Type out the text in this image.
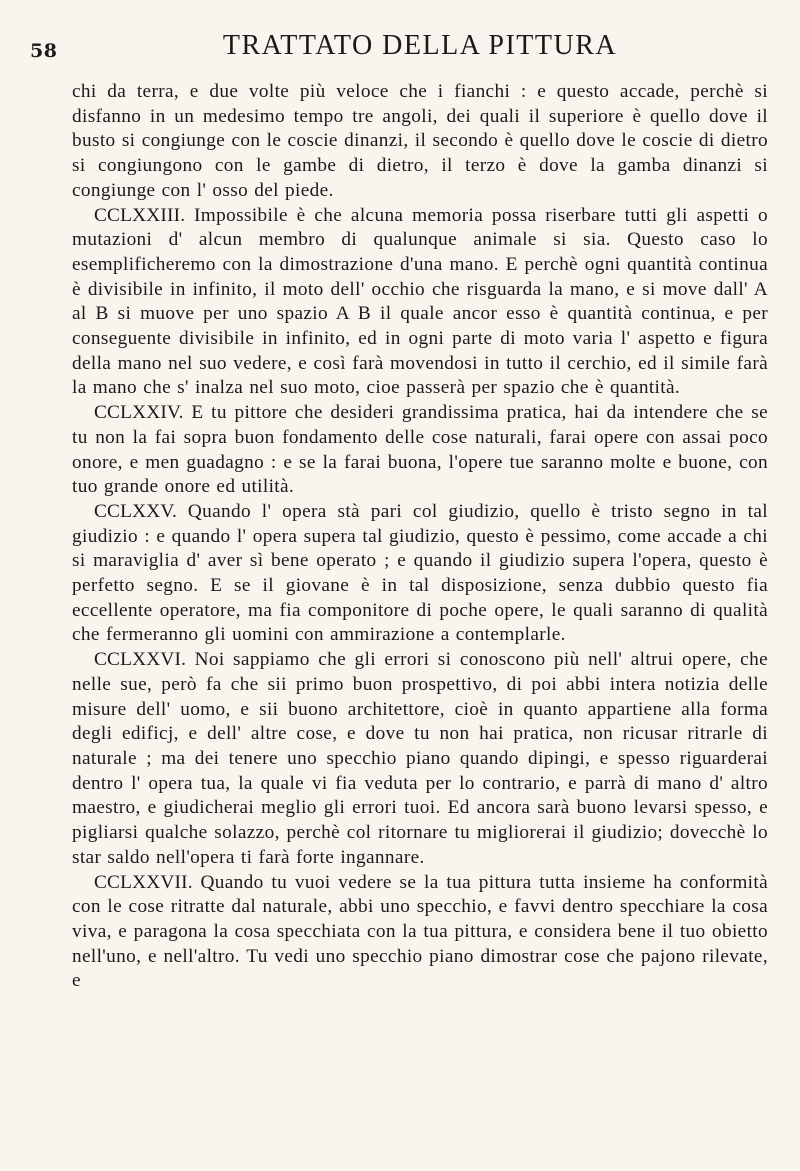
58	TRATTATO DELLA PITTURA

chi da terra, e due volte più veloce che i fianchi : e questo accade, perchè si disfanno in un medesimo tempo tre angoli, dei quali il superiore è quello dove il busto si congiunge con le coscie dinanzi, il secondo è quello dove le coscie di dietro si congiungono con le gambe di dietro, il terzo è dove la gamba dinanzi si congiunge con l' osso del piede.

CCLXXIII. Impossibile è che alcuna memoria possa riserbare tutti gli aspetti o mutazioni d' alcun membro di qualunque animale si sia. Questo caso lo esemplificheremo con la dimostrazione d'una mano. E perchè ogni quantità continua è divisibile in infinito, il moto dell' occhio che risguarda la mano, e si move dall' A al B si muove per uno spazio A B il quale ancor esso è quantità continua, e per conseguente divisibile in infinito, ed in ogni parte di moto varia l' aspetto e figura della mano nel suo vedere, e così farà movendosi in tutto il cerchio, ed il simile farà la mano che s' inalza nel suo moto, cioe passerà per spazio che è quantità.

CCLXXIV. E tu pittore che desideri grandissima pratica, hai da intendere che se tu non la fai sopra buon fondamento delle cose naturali, farai opere con assai poco onore, e men guadagno : e se la farai buona, l'opere tue saranno molte e buone, con tuo grande onore ed utilità.

CCLXXV. Quando l' opera stà pari col giudizio, quello è tristo segno in tal giudizio : e quando l' opera supera tal giudizio, questo è pessimo, come accade a chi si maraviglia d' aver sì bene operato ; e quando il giudizio supera l'opera, questo è perfetto segno. E se il giovane è in tal disposizione, senza dubbio questo fia eccellente operatore, ma fia componitore di poche opere, le quali saranno di qualità che fermeranno gli uomini con ammirazione a contemplarle.

CCLXXVI. Noi sappiamo che gli errori si conoscono più nell' altrui opere, che nelle sue, però fa che sii primo buon prospettivo, di poi abbi intera notizia delle misure dell' uomo, e sii buono architettore, cioè in quanto appartiene alla forma degli edificj, e dell' altre cose, e dove tu non hai pratica, non ricusar ritrarle di naturale ; ma dei tenere uno specchio piano quando dipingi, e spesso riguarderai dentro l' opera tua, la quale vi fia veduta per lo contrario, e parrà di mano d' altro maestro, e giudicherai meglio gli errori tuoi. Ed ancora sarà buono levarsi spesso, e pigliarsi qualche solazzo, perchè col ritornare tu migliorerai il giudizio; dovecchè lo star saldo nell'opera ti farà forte ingannare.

CCLXXVII. Quando tu vuoi vedere se la tua pittura tutta insieme ha conformità con le cose ritratte dal naturale, abbi uno specchio, e favvi dentro specchiare la cosa viva, e paragona la cosa specchiata con la tua pittura, e considera bene il tuo obietto nell'uno, e nell'altro. Tu vedi uno specchio piano dimostrar cose che pajono rilevate, e
